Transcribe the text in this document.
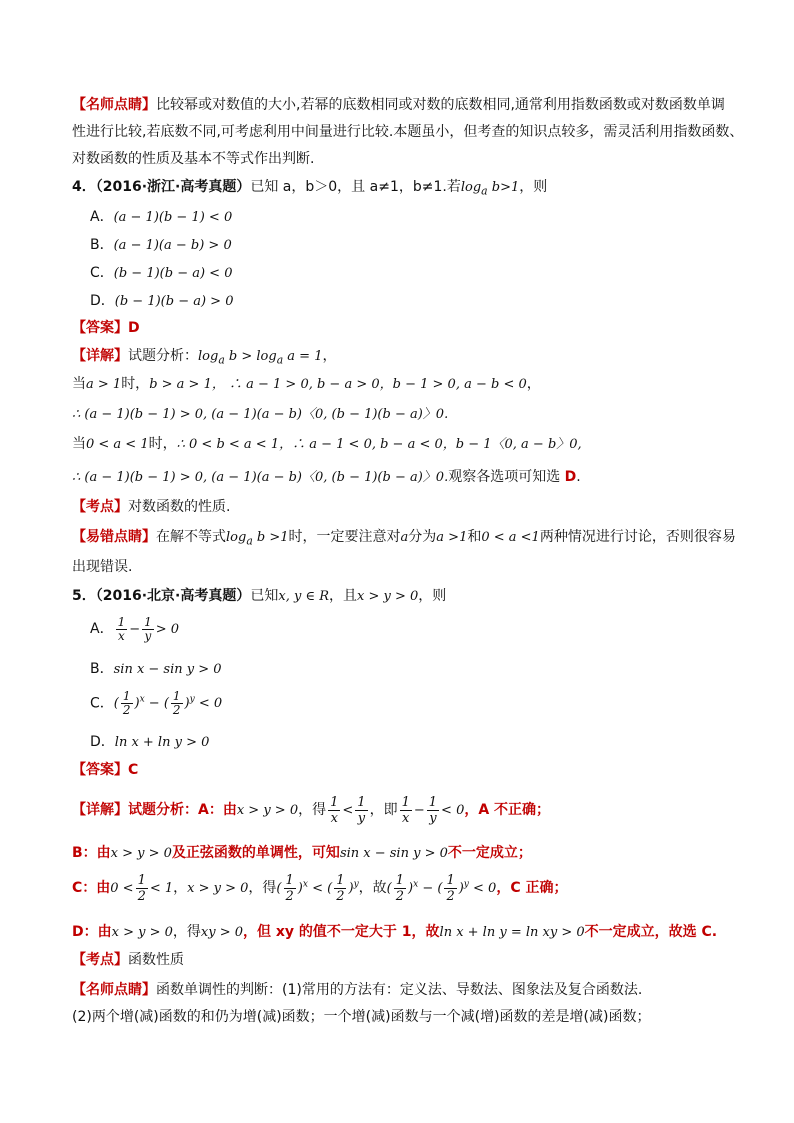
【名师点睛】比较幂或对数值的大小,若幂的底数相同或对数的底数相同,通常利用指数函数或对数函数单调
性进行比较,若底数不同,可考虑利用中间量进行比较.本题虽小，但考查的知识点较多，需灵活利用指数函数、
对数函数的性质及基本不等式作出判断.
4．（2016·浙江·高考真题）已知 a，b＞0，且 a≠1，b≠1.若$\log_a b>1$，则
A．(a − 1)(b − 1) < 0
B．(a − 1)(a − b) > 0
C．(b − 1)(b − a) < 0
D．(b − 1)(b − a) > 0
【答案】D
【详解】试题分析：$\log_a b > \log_a a = 1$，
当a > 1时，b > a > 1， ∴ a − 1 > 0, b − a > 0，b − 1 > 0, a − b < 0，
∴ (a − 1)(b − 1) > 0, (a − 1)(a − b)〈0, (b − 1)(b − a)〉0.
当0 < a < 1时，∴ 0 < b < a < 1，∴ a − 1 < 0, b − a < 0，b − 1〈0, a − b〉0,
∴ (a − 1)(b − 1) > 0, (a − 1)(a − b)〈0, (b − 1)(b − a)〉0.观察各选项可知选 D.
【考点】对数函数的性质.
【易错点睛】在解不等式$\log_a b >1$时，一定要注意对a分为a >1和0 < a <1两种情况进行讨论，否则很容易
出现错误.
5．（2016·北京·高考真题）已知x, y ∈ R，且x > y > 0，则
A． $\frac{1}{x} - \frac{1}{y} > 0$
B．sin x − sin y > 0
C．( $\frac{1}{2} )^x$ − ( $\frac{1}{2} )^y < 0$
D．ln x + ln y > 0
【答案】C
【详解】试题分析：A：由x > y > 0，得 $\frac{1}{x} < \frac{1}{y}$ ，即 $\frac{1}{x} - \frac{1}{y} < 0$，A 不正确；
B：由x > y > 0及正弦函数的单调性，可知sin x − sin y > 0不一定成立；
C：由$0 < \frac{1}{2} < 1$，x > y > 0，得( $\frac{1}{2} )^x$ < ( $\frac{1}{2} )^y$，故( $\frac{1}{2} )^x$ − ( $\frac{1}{2} )^y < 0$，C 正确；
D：由x > y > 0，得xy > 0，但 xy 的值不一定大于 1，故ln x + ln y = ln xy > 0不一定成立，故选 C.
【考点】函数性质
【名师点睛】函数单调性的判断：(1)常用的方法有：定义法、导数法、图象法及复合函数法.
(2)两个增(减)函数的和仍为增(减)函数；一个增(减)函数与一个减(增)函数的差是增(减)函数；
